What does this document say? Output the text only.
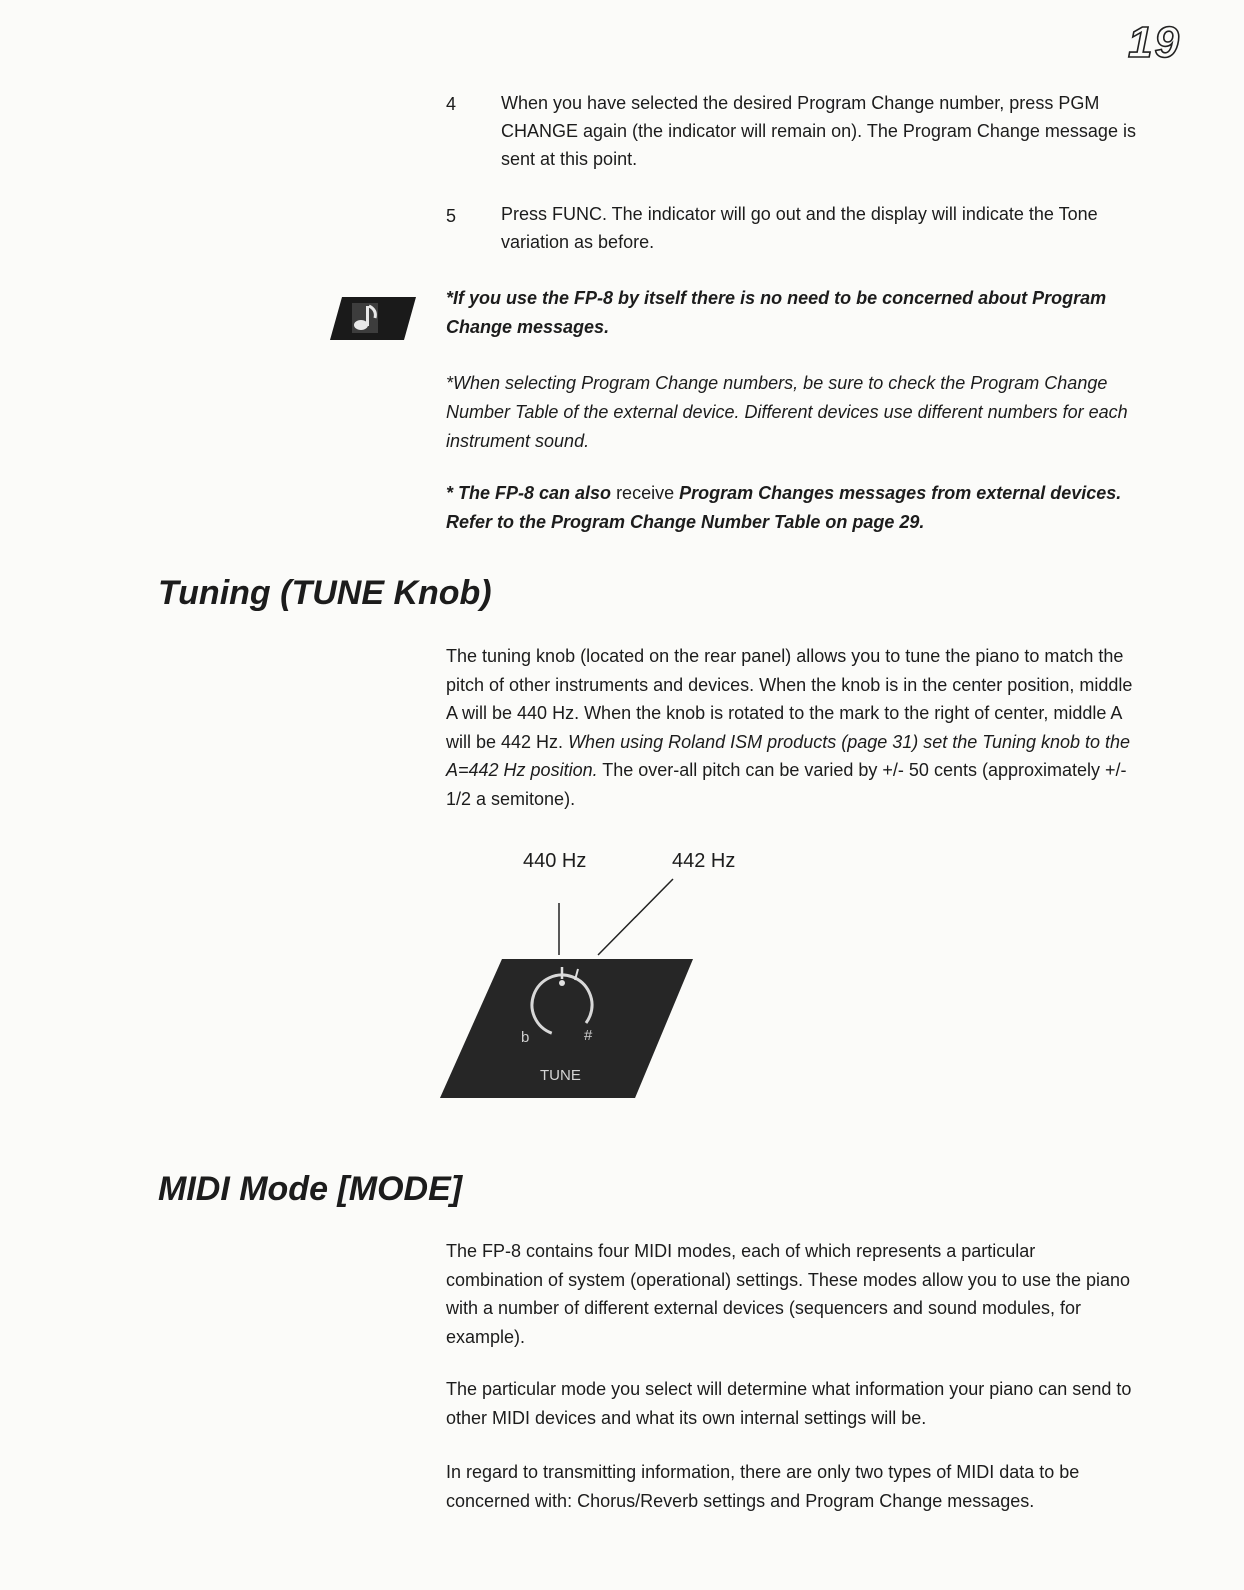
19
4 When you have selected the desired Program Change number, press PGM CHANGE again (the indicator will remain on). The Program Change message is sent at this point.
5 Press FUNC. The indicator will go out and the display will indicate the Tone variation as before.
*If you use the FP-8 by itself there is no need to be concerned about Program Change messages.
*When selecting Program Change numbers, be sure to check the Program Change Number Table of the external device. Different devices use different numbers for each instrument sound.
* The FP-8 can also receive Program Changes messages from external devices. Refer to the Program Change Number Table on page 29.
Tuning (TUNE Knob)
The tuning knob (located on the rear panel) allows you to tune the piano to match the pitch of other instruments and devices. When the knob is in the center position, middle A will be 440 Hz. When the knob is rotated to the mark to the right of center, middle A will be 442 Hz. When using Roland ISM products (page 31) set the Tuning knob to the A=442 Hz position. The over-all pitch can be varied by +/- 50 cents (approximately +/- 1/2 a semitone).
440 Hz	442 Hz
b	#
TUNE
MIDI Mode [MODE]
The FP-8 contains four MIDI modes, each of which represents a particular combination of system (operational) settings. These modes allow you to use the piano with a number of different external devices (sequencers and sound modules, for example).
The particular mode you select will determine what information your piano can send to other MIDI devices and what its own internal settings will be.
In regard to transmitting information, there are only two types of MIDI data to be concerned with: Chorus/Reverb settings and Program Change messages.
